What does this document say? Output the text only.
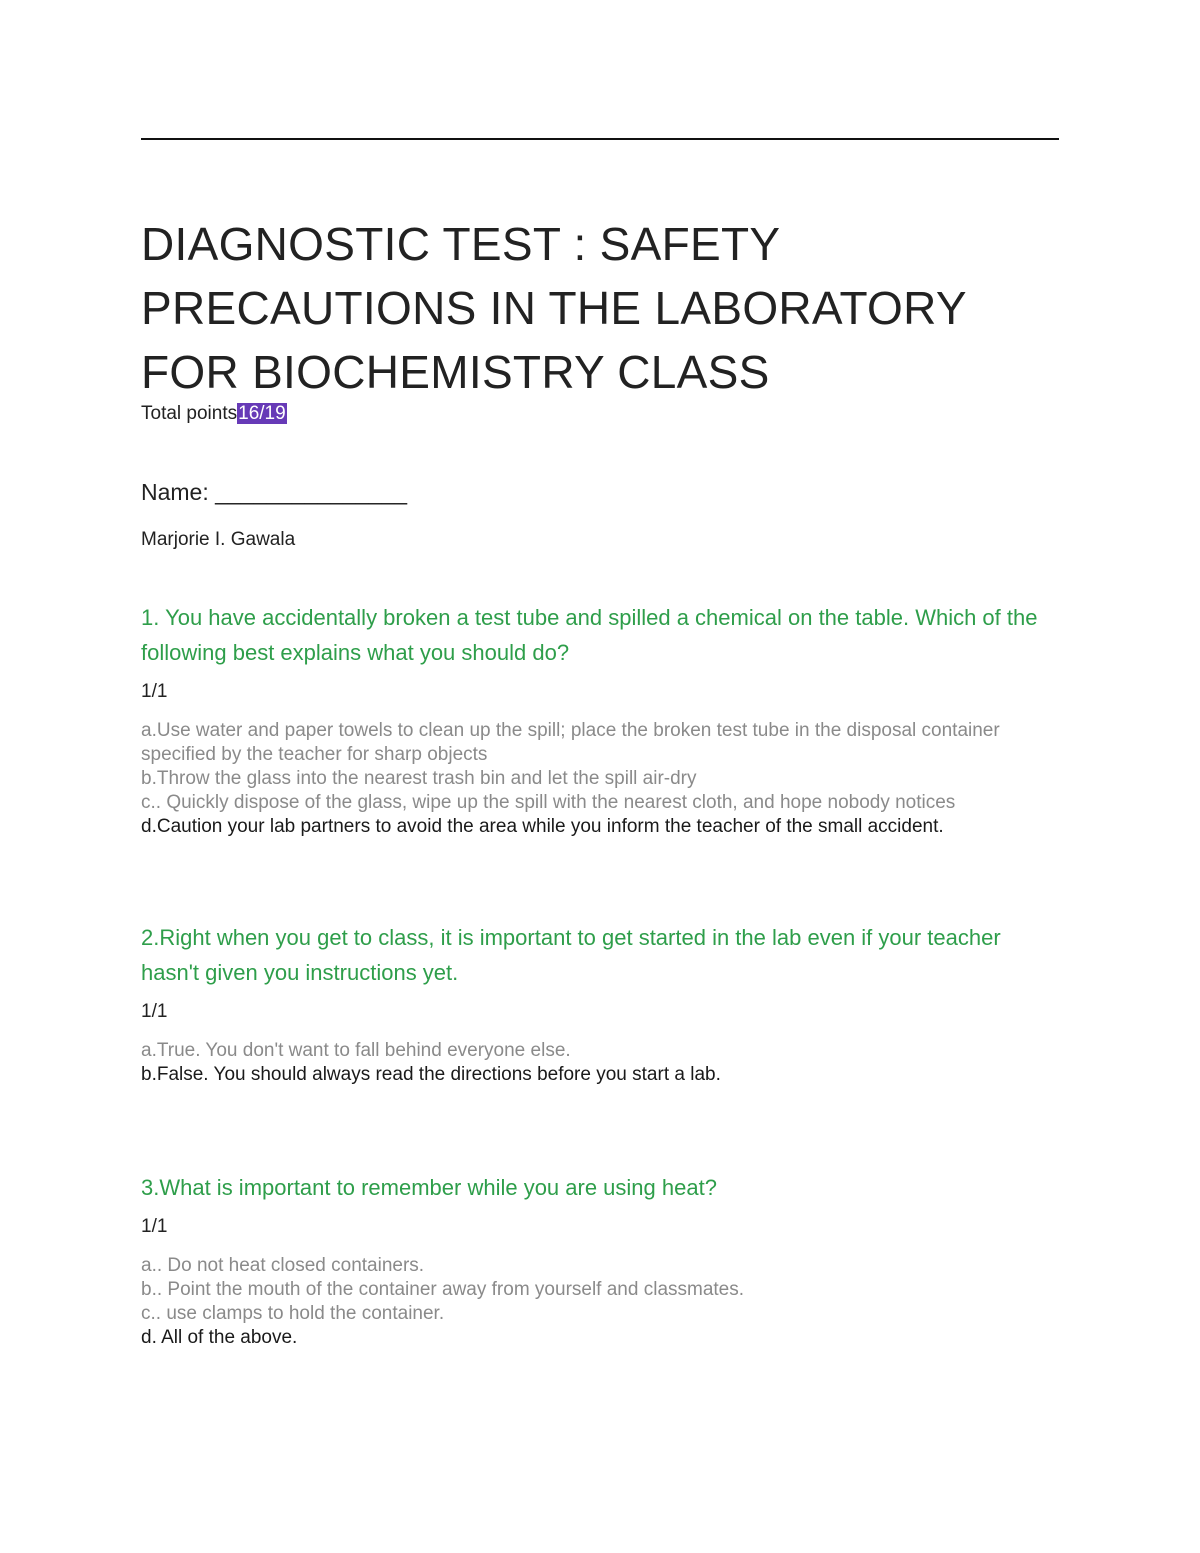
DIAGNOSTIC TEST : SAFETY PRECAUTIONS IN THE LABORATORY FOR BIOCHEMISTRY CLASS
Total points16/19
Name: _______________
Marjorie I. Gawala

1. You have accidentally broken a test tube and spilled a chemical on the table. Which of the following best explains what you should do?

1/1
a.Use water and paper towels to clean up the spill; place the broken test tube in the disposal container specified by the teacher for sharp objects
b.Throw the glass into the nearest trash bin and let the spill air-dry
c.. Quickly dispose of the glass, wipe up the spill with the nearest cloth, and hope nobody notices
d.Caution your lab partners to avoid the area while you inform the teacher of the small accident.

2.Right when you get to class, it is important to get started in the lab even if your teacher hasn't given you instructions yet.

1/1
a.True. You don't want to fall behind everyone else.
b.False. You should always read the directions before you start a lab.

3.What is important to remember while you are using heat?

1/1
a.. Do not heat closed containers.
b.. Point the mouth of the container away from yourself and classmates.
c.. use clamps to hold the container.
d. All of the above.
